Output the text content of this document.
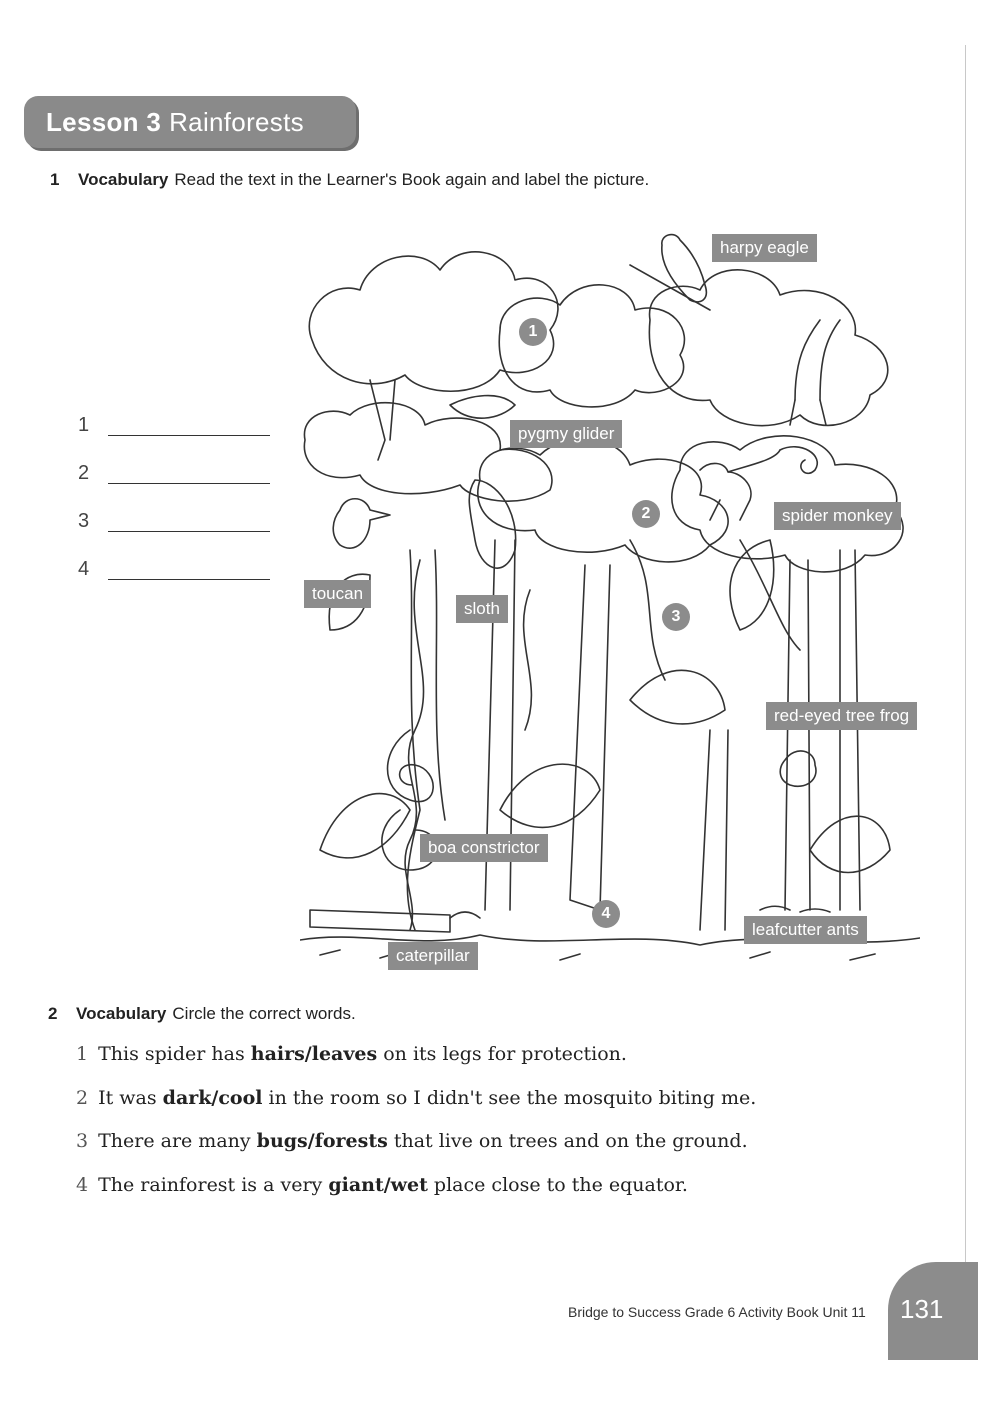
Lesson 3 Rainforests
1 Vocabulary Read the text in the Learner's Book again and label the picture.
1
2
3
4
harpy eagle
pygmy glider
spider monkey
toucan
sloth
red-eyed tree frog
boa constrictor
leafcutter ants
caterpillar
1
2
3
4
2 Vocabulary Circle the correct words.
1 This spider has hairs/leaves on its legs for protection.
2 It was dark/cool in the room so I didn't see the mosquito biting me.
3 There are many bugs/forests that live on trees and on the ground.
4 The rainforest is a very giant/wet place close to the equator.
Bridge to Success Grade 6 Activity Book Unit 11 131
